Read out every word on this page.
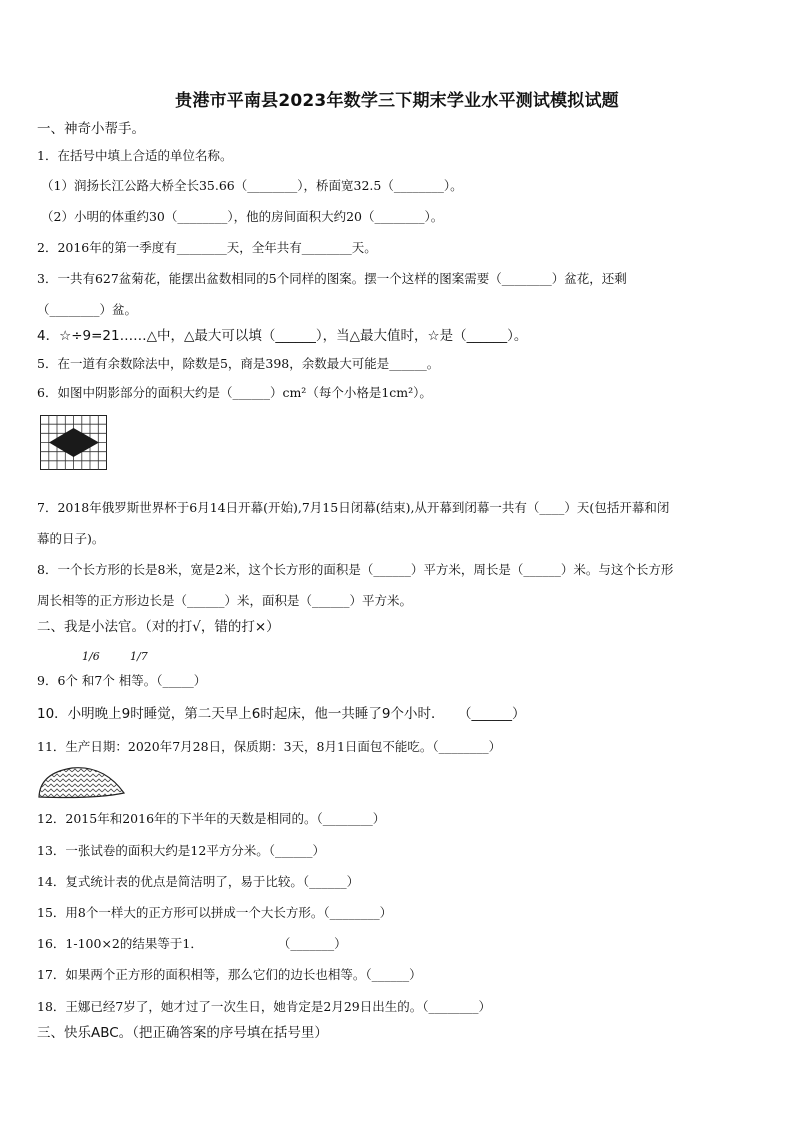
贵港市平南县2023年数学三下期末学业水平测试模拟试题
一、神奇小帮手。
1．在括号中填上合适的单位名称。
（1）润扬长江公路大桥全长35.66（________），桥面宽32.5（________）。
（2）小明的体重约30（________），他的房间面积大约20（________）。
2．2016年的第一季度有________天，全年共有________天。
3．一共有627盆菊花，能摆出盆数相同的5个同样的图案。摆一个这样的图案需要（________）盆花，还剩
（________）盆。
4．☆÷9=21……△中，△最大可以填（______），当△最大值时，☆是（______）。
5．在一道有余数除法中，除数是5，商是398，余数最大可能是______。
6．如图中阴影部分的面积大约是（______）cm²（每个小格是1cm²）。
7．2018年俄罗斯世界杯于6月14日开幕(开始),7月15日闭幕(结束),从开幕到闭幕一共有（____）天(包括开幕和闭
幕的日子)。
8．一个长方形的长是8米，宽是2米，这个长方形的面积是（______）平方米，周长是（______）米。与这个长方形
周长相等的正方形边长是（______）米，面积是（______）平方米。
二、我是小法官。（对的打√，错的打×）
1/6	1/7
9．6个 和7个 相等。（_____）
10．小明晚上9时睡觉，第二天早上6时起床，他一共睡了9个小时．　　（______）
11．生产日期：2020年7月28日，保质期：3天，8月1日面包不能吃。（________）
12．2015年和2016年的下半年的天数是相同的。（________）
13．一张试卷的面积大约是12平方分米。（______）
14．复式统计表的优点是简洁明了，易于比较。（______）
15．用8个一样大的正方形可以拼成一个大长方形。（________）
16．1-100×2的结果等于1．　　　　　　　（_______）
17．如果两个正方形的面积相等，那么它们的边长也相等。（______）
18．王娜已经7岁了，她才过了一次生日，她肯定是2月29日出生的。（________）
三、快乐ABC。（把正确答案的序号填在括号里）
